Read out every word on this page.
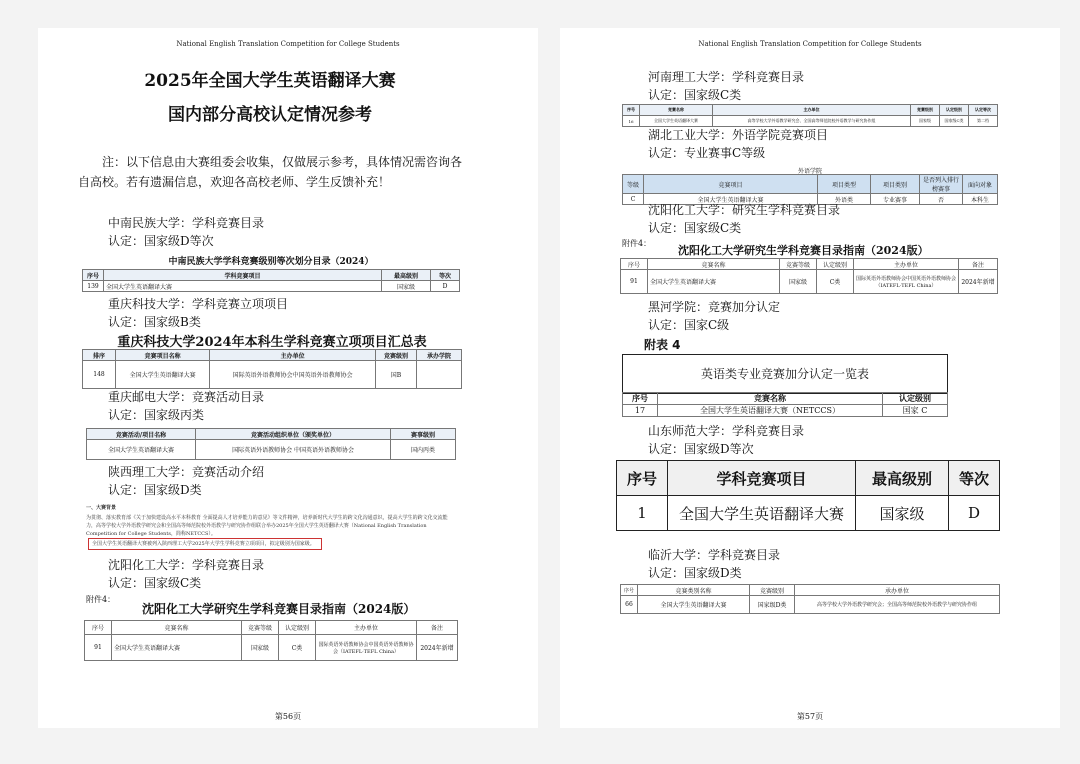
National English Translation Competition for College Students
2025年全国大学生英语翻译大赛
国内部分高校认定情况参考
注：以下信息由大赛组委会收集，仅做展示参考，具体情况需咨询各自高校。若有遗漏信息，欢迎各高校老师、学生反馈补充！
中南民族大学：学科竞赛目录
认定：国家级D等次
中南民族大学学科竞赛级别等次划分目录（2024）
序号	学科竞赛项目	最高级别	等次
139	全国大学生英语翻译大赛	国家级	D
重庆科技大学：学科竞赛立项项目
认定：国家级B类
重庆科技大学2024年本科生学科竞赛立项项目汇总表
排序	竞赛项目名称	主办单位	竞赛级别	承办学院
148	全国大学生英语翻译大赛	国际英语外语教师协会中国英语外语教师协会	国B	
重庆邮电大学：竞赛活动目录
认定：国家级丙类
竞赛活动/项目名称	竞赛活动组织单位（颁奖单位）	赛事级别
全国大学生英语翻译大赛	国际英语外语教师协会 中国英语外语教师协会	国内丙类
陕西理工大学：竞赛活动介绍
认定：国家级D类
一、大赛背景
为贯彻、落实教育部《关于加快建设高水平本科教育 全面提高人才培养能力的意见》等文件精神，培养新时代大学生的跨文化沟通意识，提高大学生的跨文化交流能力，高等学校大学外语教学研究会和全国高等师范院校外语教学与研究协作组联合举办2025年全国大学生英语翻译大赛（National English Translation Competition for College Students，简称NETCCS）。
全国大学生英语翻译大赛被列入陕西理工大学2025年大学生学科竞赛立项项目，拟定级别为国家级。
沈阳化工大学：学科竞赛目录
认定：国家级C类
附件4：
沈阳化工大学研究生学科竞赛目录指南（2024版）
序号	竞赛名称	竞赛等级	认定级别	主办单位	备注
91	全国大学生英语翻译大赛	国家级	C类	国际英语外语教师协会中国英语外语教师协会（IATEFL·TEFL China）	2024年新增
第56页
National English Translation Competition for College Students
河南理工大学：学科竞赛目录
认定：国家级C类
序号	竞赛名称	主办单位	竞赛级别	认定级别	认定等次
16	全国大学生英语翻译大赛	高等学校大学外语教学研究会、全国高等师范院校外语教学与研究协作组	国家级	国家级C类	第二档
湖北工业大学：外语学院竞赛项目
认定：专业赛事C等级
外语学院
等级	竞赛项目	项目类型	项目类别	是否列入排行榜赛事	面向对象
C	全国大学生英语翻译大赛	外语类	专业赛事	否	本科生
沈阳化工大学：研究生学科竞赛目录
认定：国家级C类
附件4：
沈阳化工大学研究生学科竞赛目录指南（2024版）
序号	竞赛名称	竞赛等级	认定级别	主办单位	备注
91	全国大学生英语翻译大赛	国家级	C类	国际英语外语教师协会中国英语外语教师协会（IATEFL·TEFL China）	2024年新增
黑河学院：竞赛加分认定
认定：国家C级
附表 4
英语类专业竞赛加分认定一览表
序号	竞赛名称	认定级别
17	全国大学生英语翻译大赛（NETCCS）	国家 C
山东师范大学：学科竞赛目录
认定：国家级D等次
序号	学科竞赛项目	最高级别	等次
1	全国大学生英语翻译大赛	国家级	D
临沂大学：学科竞赛目录
认定：国家级D类
序号	竞赛类别名称	竞赛级别	承办单位
66	全国大学生英语翻译大赛	国家级D类	高等学校大学外语教学研究会；全国高等师范院校外语教学与研究协作组
第57页
